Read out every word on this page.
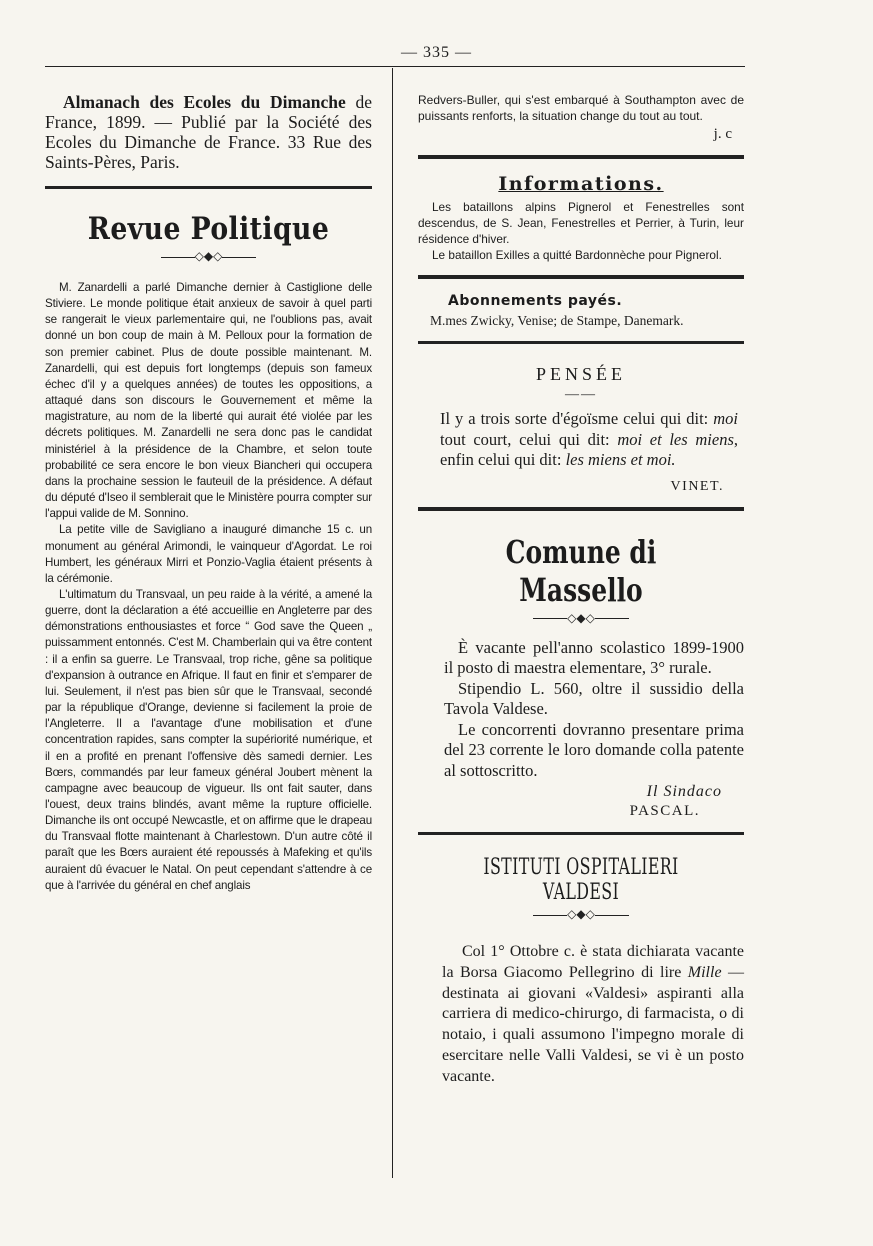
— 335 —

Almanach des Ecoles du Dimanche de France, 1899. — Publié par la Société des Ecoles du Dimanche de France. 33 Rue des Saints-Pères, Paris.

Revue Politique
◇◆◇

M. Zanardelli a parlé Dimanche dernier à Castiglione delle Stiviere. Le monde politique était anxieux de savoir à quel parti se rangerait le vieux parlementaire qui, ne l'oublions pas, avait donné un bon coup de main à M. Pelloux pour la formation de son premier cabinet. Plus de doute possible maintenant. M. Zanardelli, qui est depuis fort longtemps (depuis son fameux échec d'il y a quelques années) de toutes les oppositions, a attaqué dans son discours le Gouvernement et même la magistrature, au nom de la liberté qui aurait été violée par les décrets politiques. M. Zanardelli ne sera donc pas le candidat ministériel à la présidence de la Chambre, et selon toute probabilité ce sera encore le bon vieux Biancheri qui occupera dans la prochaine session le fauteuil de la présidence. A défaut du député d'Iseo il semblerait que le Ministère pourra compter sur l'appui valide de M. Sonnino.

La petite ville de Savigliano a inauguré dimanche 15 c. un monument au général Arimondi, le vainqueur d'Agordat. Le roi Humbert, les généraux Mirri et Ponzio-Vaglia étaient présents à la cérémonie.

L'ultimatum du Transvaal, un peu raide à la vérité, a amené la guerre, dont la déclaration a été accueillie en Angleterre par des démonstrations enthousiastes et force “ God save the Queen „ puissamment entonnés. C'est M. Chamberlain qui va être content : il a enfin sa guerre. Le Transvaal, trop riche, gêne sa politique d'expansion à outrance en Afrique. Il faut en finir et s'emparer de lui. Seulement, il n'est pas bien sûr que le Transvaal, secondé par la république d'Orange, devienne si facilement la proie de l'Angleterre. Il a l'avantage d'une mobilisation et d'une concentration rapides, sans compter la supériorité numérique, et il en a profité en prenant l'offensive dès samedi dernier. Les Bœrs, commandés par leur fameux général Joubert mènent la campagne avec beaucoup de vigueur. Ils ont fait sauter, dans l'ouest, deux trains blindés, avant même la rupture officielle. Dimanche ils ont occupé Newcastle, et on affirme que le drapeau du Transvaal flotte maintenant à Charlestown. D'un autre côté il paraît que les Bœrs auraient été repoussés à Mafeking et qu'ils auraient dû évacuer le Natal. On peut cependant s'attendre à ce que à l'arrivée du général en chef anglais

Redvers-Buller, qui s'est embarqué à Southampton avec de puissants renforts, la situation change du tout au tout.
j. c
Informations.

Les bataillons alpins Pignerol et Fenestrelles sont descendus, de S. Jean, Fenestrelles et Perrier, à Turin, leur résidence d'hiver.

Le bataillon Exilles a quitté Bardonnèche pour Pignerol.

Abonnements payés.
M.mes Zwicky, Venise; de Stampe, Danemark.
PENSÉE
——
Il y a trois sorte d'égoïsme celui qui dit: moi tout court, celui qui dit: moi et les miens, enfin celui qui dit: les miens et moi.
VINET.
Comune di Massello
◇◆◇

È vacante pell'anno scolastico 1899-1900 il posto di maestra elementare, 3° rurale.

Stipendio L. 560, oltre il sussidio della Tavola Valdese.

Le concorrenti dovranno presentare prima del 23 corrente le loro domande colla patente al sottoscritto.

Il Sindaco
PASCAL.
ISTITUTI OSPITALIERI VALDESI
◇◆◇

Col 1° Ottobre c. è stata dichiarata vacante la Borsa Giacomo Pellegrino di lire Mille — destinata ai giovani «Valdesi» aspiranti alla carriera di medico-chirurgo, di farmacista, o di notaio, i quali assumono l'impegno morale di esercitare nelle Valli Valdesi, se vi è un posto vacante.
